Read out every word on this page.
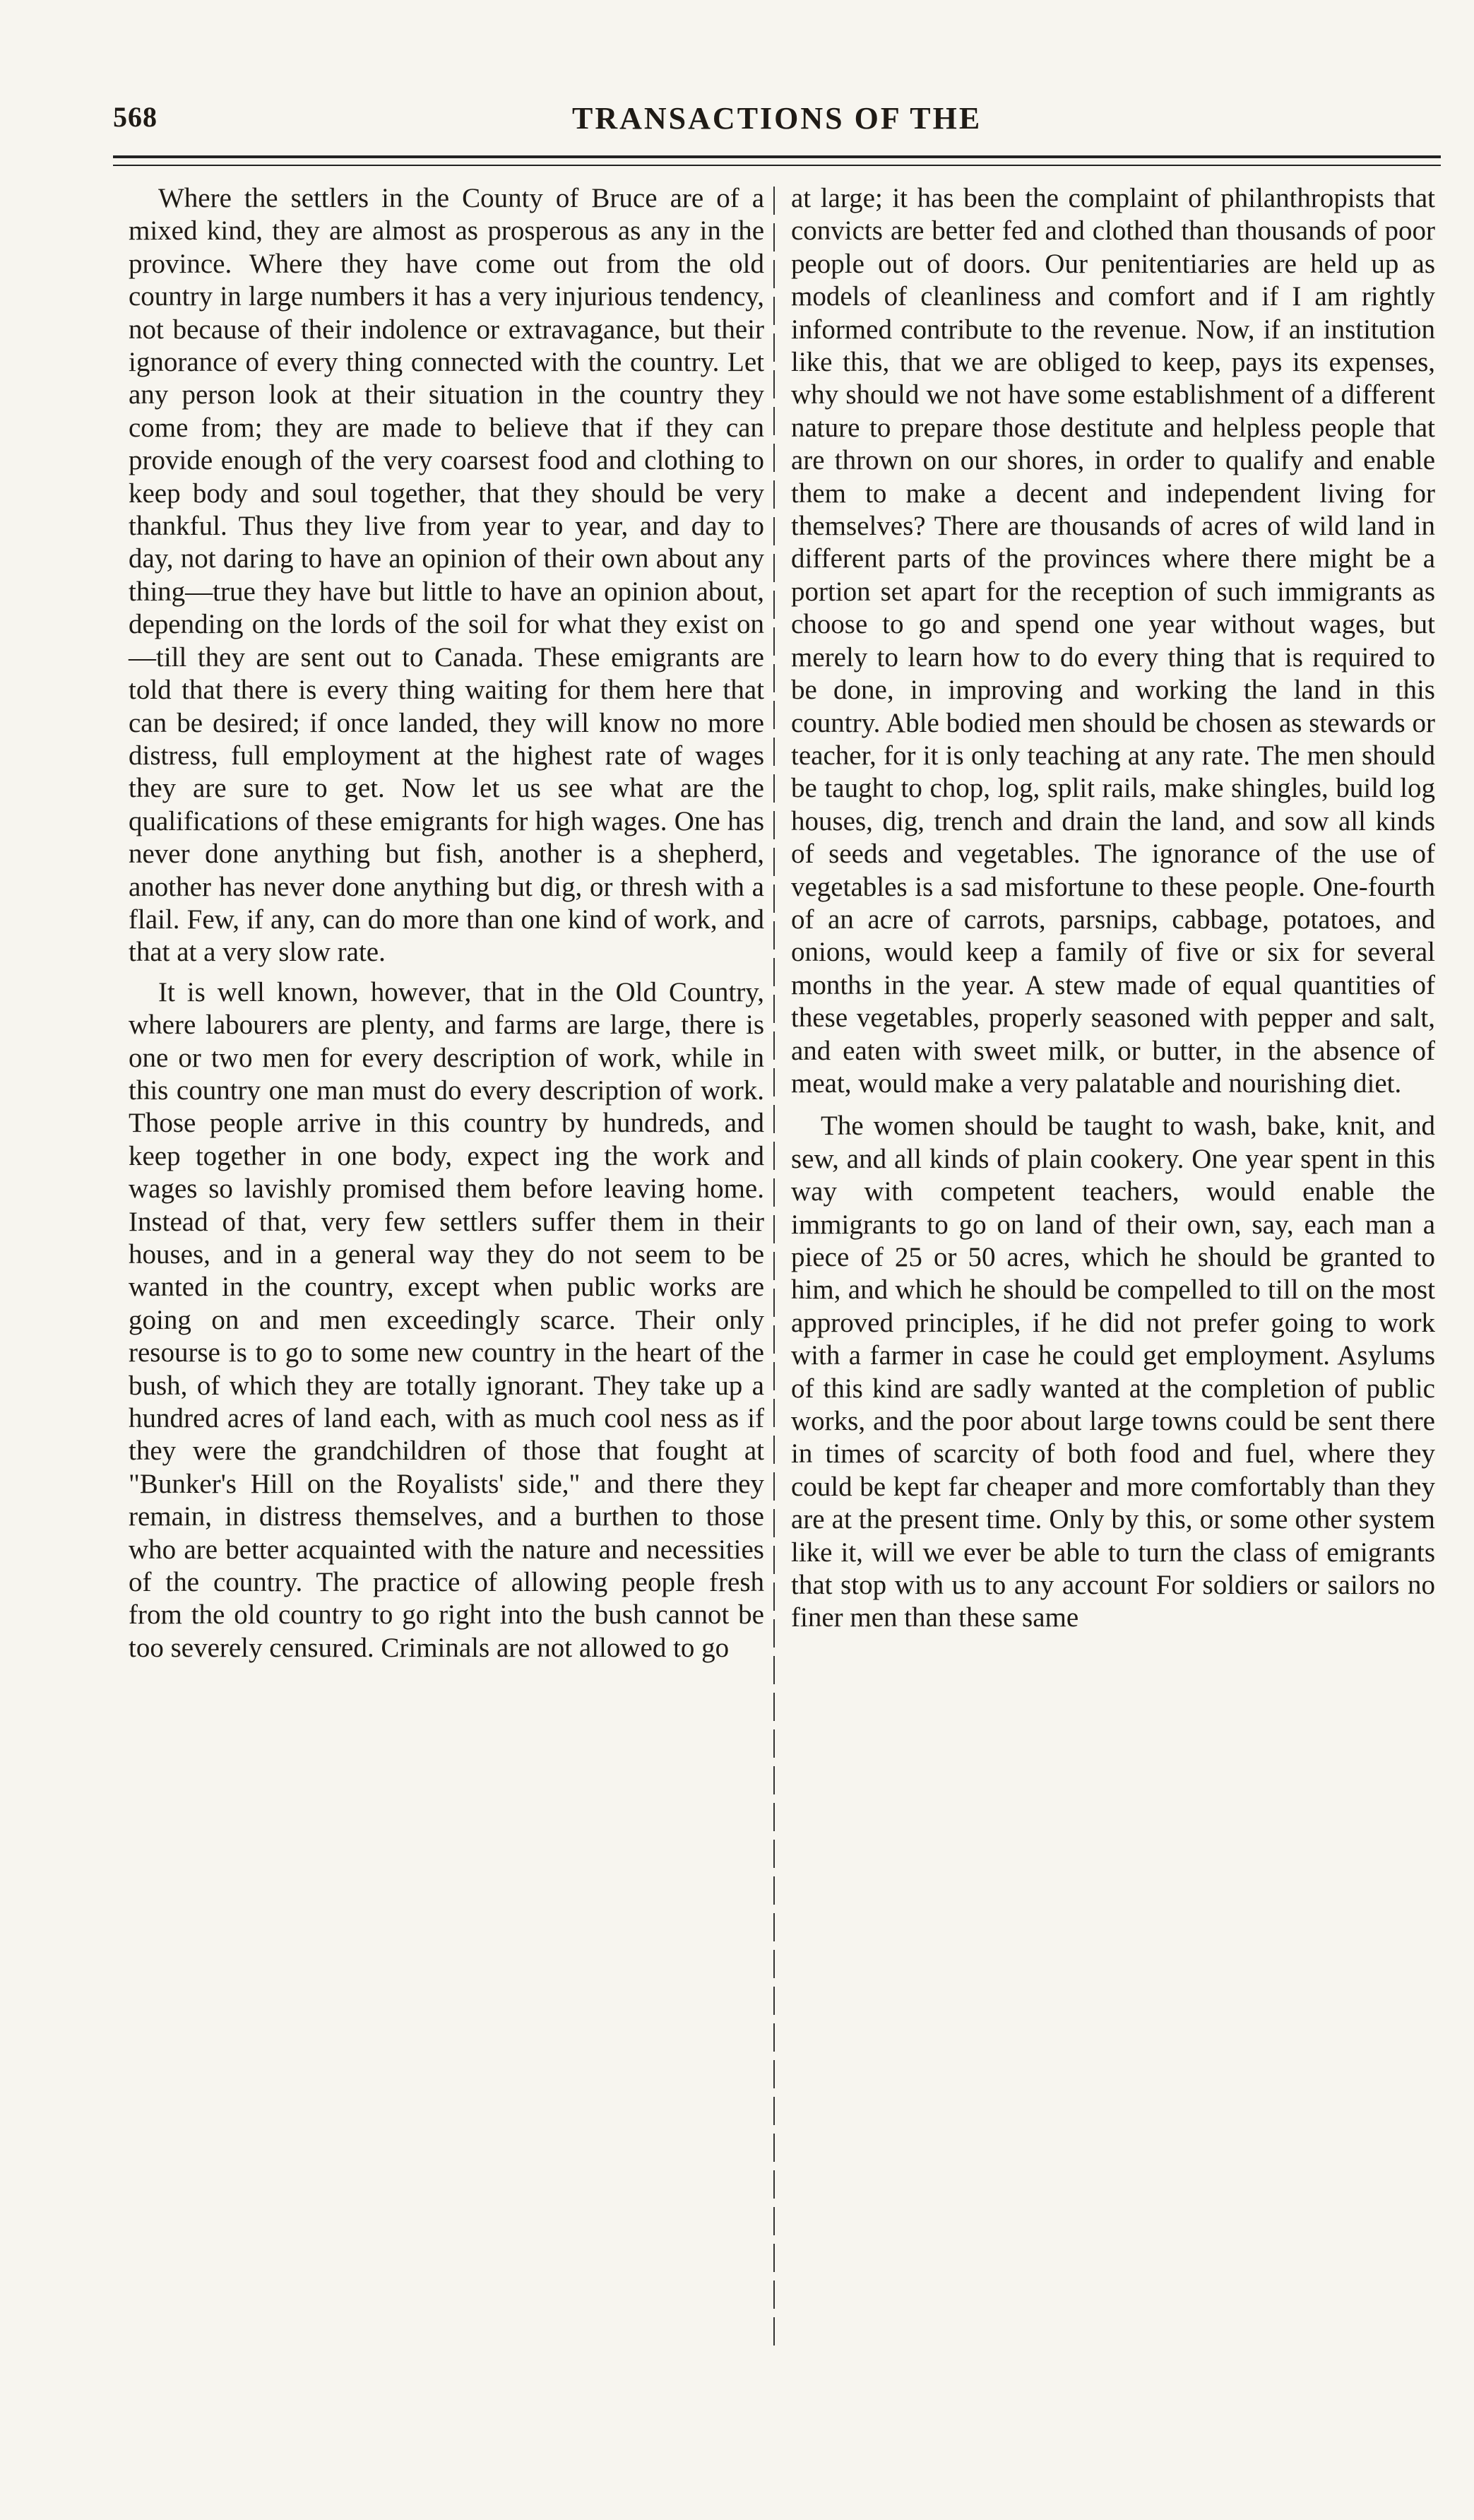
568	TRANSACTIONS OF THE

Where the settlers in the County of Bruce are of a mixed kind, they are almost as prosperous as any in the province. Where they have come out from the old country in large numbers it has a very injurious tendency, not because of their indolence or extravagance, but their ignorance of every thing connected with the country. Let any person look at their situation in the country they come from; they are made to believe that if they can provide enough of the very coarsest food and clothing to keep body and soul together, that they should be very thankful. Thus they live from year to year, and day to day, not daring to have an opinion of their own about any thing—true they have but little to have an opinion about, depending on the lords of the soil for what they exist on—till they are sent out to Canada. These emigrants are told that there is every thing waiting for them here that can be desired; if once landed, they will know no more distress, full employment at the highest rate of wages they are sure to get. Now let us see what are the qualifications of these emigrants for high wages. One has never done anything but fish, another is a shepherd, another has never done anything but dig, or thresh with a flail. Few, if any, can do more than one kind of work, and that at a very slow rate.

It is well known, however, that in the Old Country, where labourers are plenty, and farms are large, there is one or two men for every description of work, while in this country one man must do every description of work. Those people arrive in this country by hundreds, and keep together in one body, expect ing the work and wages so lavishly promised them before leaving home. Instead of that, very few settlers suffer them in their houses, and in a general way they do not seem to be wanted in the country, except when public works are going on and men exceedingly scarce. Their only resourse is to go to some new country in the heart of the bush, of which they are totally ignorant. They take up a hundred acres of land each, with as much cool ness as if they were the grandchildren of those that fought at "Bunker's Hill on the Royalists' side," and there they remain, in distress themselves, and a burthen to those who are better acquainted with the nature and necessities of the country. The practice of allowing people fresh from the old country to go right into the bush cannot be too severely censured. Criminals are not allowed to go

at large; it has been the complaint of philanthropists that convicts are better fed and clothed than thousands of poor people out of doors. Our penitentiaries are held up as models of cleanliness and comfort and if I am rightly informed contribute to the revenue. Now, if an institution like this, that we are obliged to keep, pays its expenses, why should we not have some establishment of a different nature to prepare those destitute and helpless people that are thrown on our shores, in order to qualify and enable them to make a decent and independent living for themselves? There are thousands of acres of wild land in different parts of the provinces where there might be a portion set apart for the reception of such immigrants as choose to go and spend one year without wages, but merely to learn how to do every thing that is required to be done, in improving and working the land in this country. Able bodied men should be chosen as stewards or teacher, for it is only teaching at any rate. The men should be taught to chop, log, split rails, make shingles, build log houses, dig, trench and drain the land, and sow all kinds of seeds and vegetables. The ignorance of the use of vegetables is a sad misfortune to these people. One-fourth of an acre of carrots, parsnips, cabbage, potatoes, and onions, would keep a family of five or six for several months in the year. A stew made of equal quantities of these vegetables, properly seasoned with pepper and salt, and eaten with sweet milk, or butter, in the absence of meat, would make a very palatable and nourishing diet.

The women should be taught to wash, bake, knit, and sew, and all kinds of plain cookery. One year spent in this way with competent teachers, would enable the immigrants to go on land of their own, say, each man a piece of 25 or 50 acres, which he should be granted to him, and which he should be compelled to till on the most approved principles, if he did not prefer going to work with a farmer in case he could get employment. Asylums of this kind are sadly wanted at the completion of public works, and the poor about large towns could be sent there in times of scarcity of both food and fuel, where they could be kept far cheaper and more comfortably than they are at the present time. Only by this, or some other system like it, will we ever be able to turn the class of emigrants that stop with us to any account For soldiers or sailors no finer men than these same
